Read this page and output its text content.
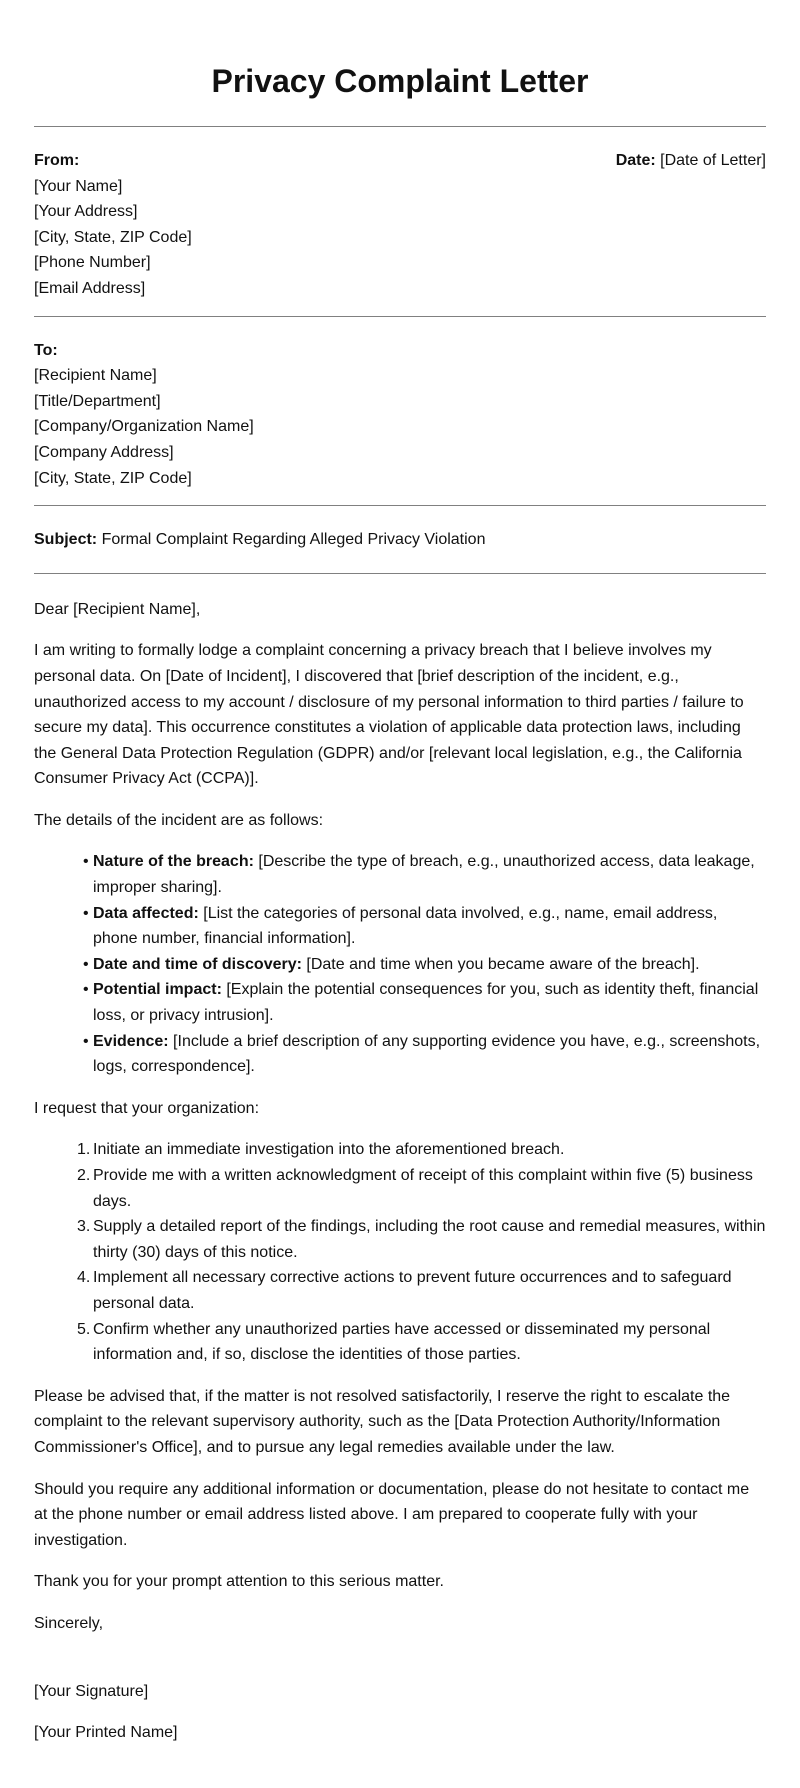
Privacy Complaint Letter

From:

[Your Name]

[Your Address]

[City, State, ZIP Code]

[Phone Number]

[Email Address]

Date: [Date of Letter]

To:

[Recipient Name]

[Title/Department]

[Company/Organization Name]

[Company Address]

[City, State, ZIP Code]

Subject: Formal Complaint Regarding Alleged Privacy Violation

Dear [Recipient Name],

I am writing to formally lodge a complaint concerning a privacy breach that I believe involves my personal data. On [Date of Incident], I discovered that [brief description of the incident, e.g., unauthorized access to my account / disclosure of my personal information to third parties / failure to secure my data]. This occurrence constitutes a violation of applicable data protection laws, including the General Data Protection Regulation (GDPR) and/or [relevant local legislation, e.g., the California Consumer Privacy Act (CCPA)].

The details of the incident are as follows:

• Nature of the breach: [Describe the type of breach, e.g., unauthorized access, data leakage, improper sharing].
• Data affected: [List the categories of personal data involved, e.g., name, email address, phone number, financial information].
• Date and time of discovery: [Date and time when you became aware of the breach].
• Potential impact: [Explain the potential consequences for you, such as identity theft, financial loss, or privacy intrusion].
• Evidence: [Include a brief description of any supporting evidence you have, e.g., screenshots, logs, correspondence].

I request that your organization:

1. Initiate an immediate investigation into the aforementioned breach.
2. Provide me with a written acknowledgment of receipt of this complaint within five (5) business days.
3. Supply a detailed report of the findings, including the root cause and remedial measures, within thirty (30) days of this notice.
4. Implement all necessary corrective actions to prevent future occurrences and to safeguard personal data.
5. Confirm whether any unauthorized parties have accessed or disseminated my personal information and, if so, disclose the identities of those parties.

Please be advised that, if the matter is not resolved satisfactorily, I reserve the right to escalate the complaint to the relevant supervisory authority, such as the [Data Protection Authority/Information Commissioner's Office], and to pursue any legal remedies available under the law.

Should you require any additional information or documentation, please do not hesitate to contact me at the phone number or email address listed above. I am prepared to cooperate fully with your investigation.

Thank you for your prompt attention to this serious matter.

Sincerely,

[Your Signature]

[Your Printed Name]
